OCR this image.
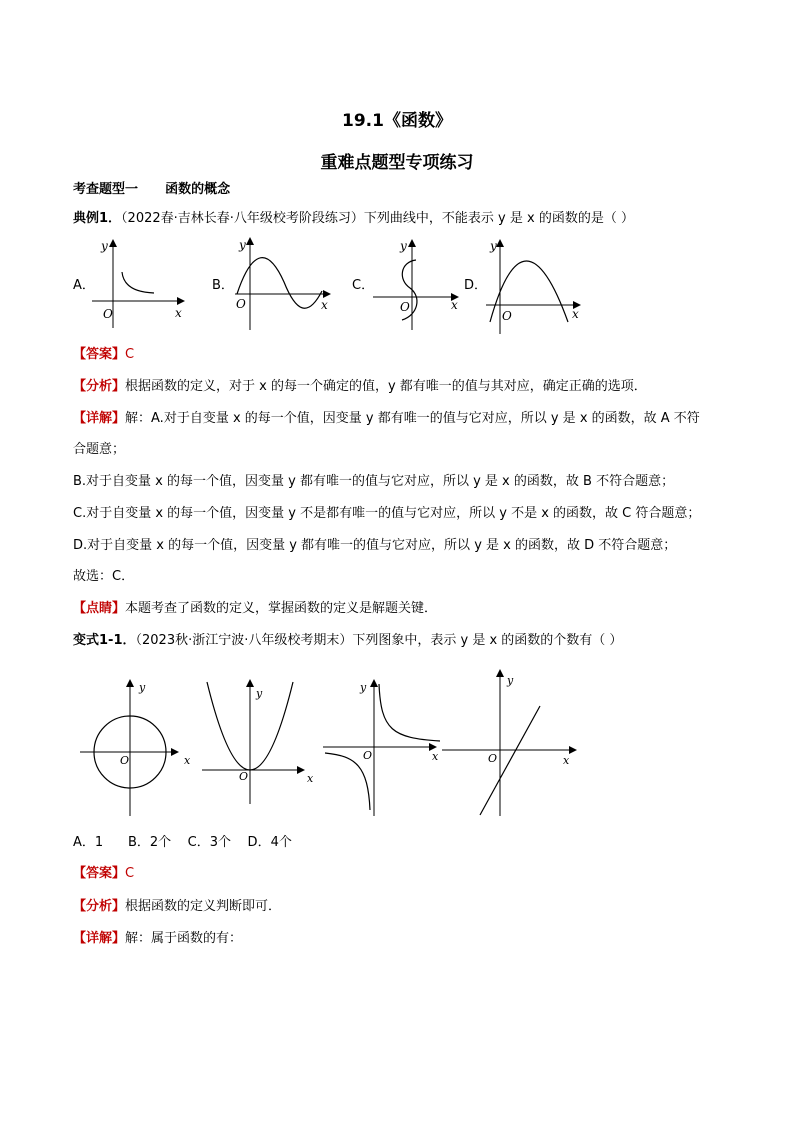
19.1《函数》
重难点题型专项练习
考查题型一 函数的概念
典例1．（2022春·吉林长春·八年级校考阶段练习）下列曲线中，不能表示 y 是 x 的函数的是（ ）
A．	B．	C．	D．
y
x
O
y
x
O
y
x
O
y
x
O
【答案】C
【分析】根据函数的定义，对于 x 的每一个确定的值，y 都有唯一的值与其对应，确定正确的选项．
【详解】解：A.对于自变量 x 的每一个值，因变量 y 都有唯一的值与它对应，所以 y 是 x 的函数，故 A 不符
合题意；
B.对于自变量 x 的每一个值，因变量 y 都有唯一的值与它对应，所以 y 是 x 的函数，故 B 不符合题意；
C.对于自变量 x 的每一个值，因变量 y 不是都有唯一的值与它对应，所以 y 不是 x 的函数，故 C 符合题意；
D.对于自变量 x 的每一个值，因变量 y 都有唯一的值与它对应，所以 y 是 x 的函数，故 D 不符合题意；
故选：C．
【点睛】本题考查了函数的定义，掌握函数的定义是解题关键．
变式1-1．（2023秋·浙江宁波·八年级校考期末）下列图象中，表示 y 是 x 的函数的个数有（ ）
y
x
O
y
x
O
y
x
O
y
x
O
A．1      B．2个    C．3个    D．4个
【答案】C
【分析】根据函数的定义判断即可．
【详解】解：属于函数的有：
